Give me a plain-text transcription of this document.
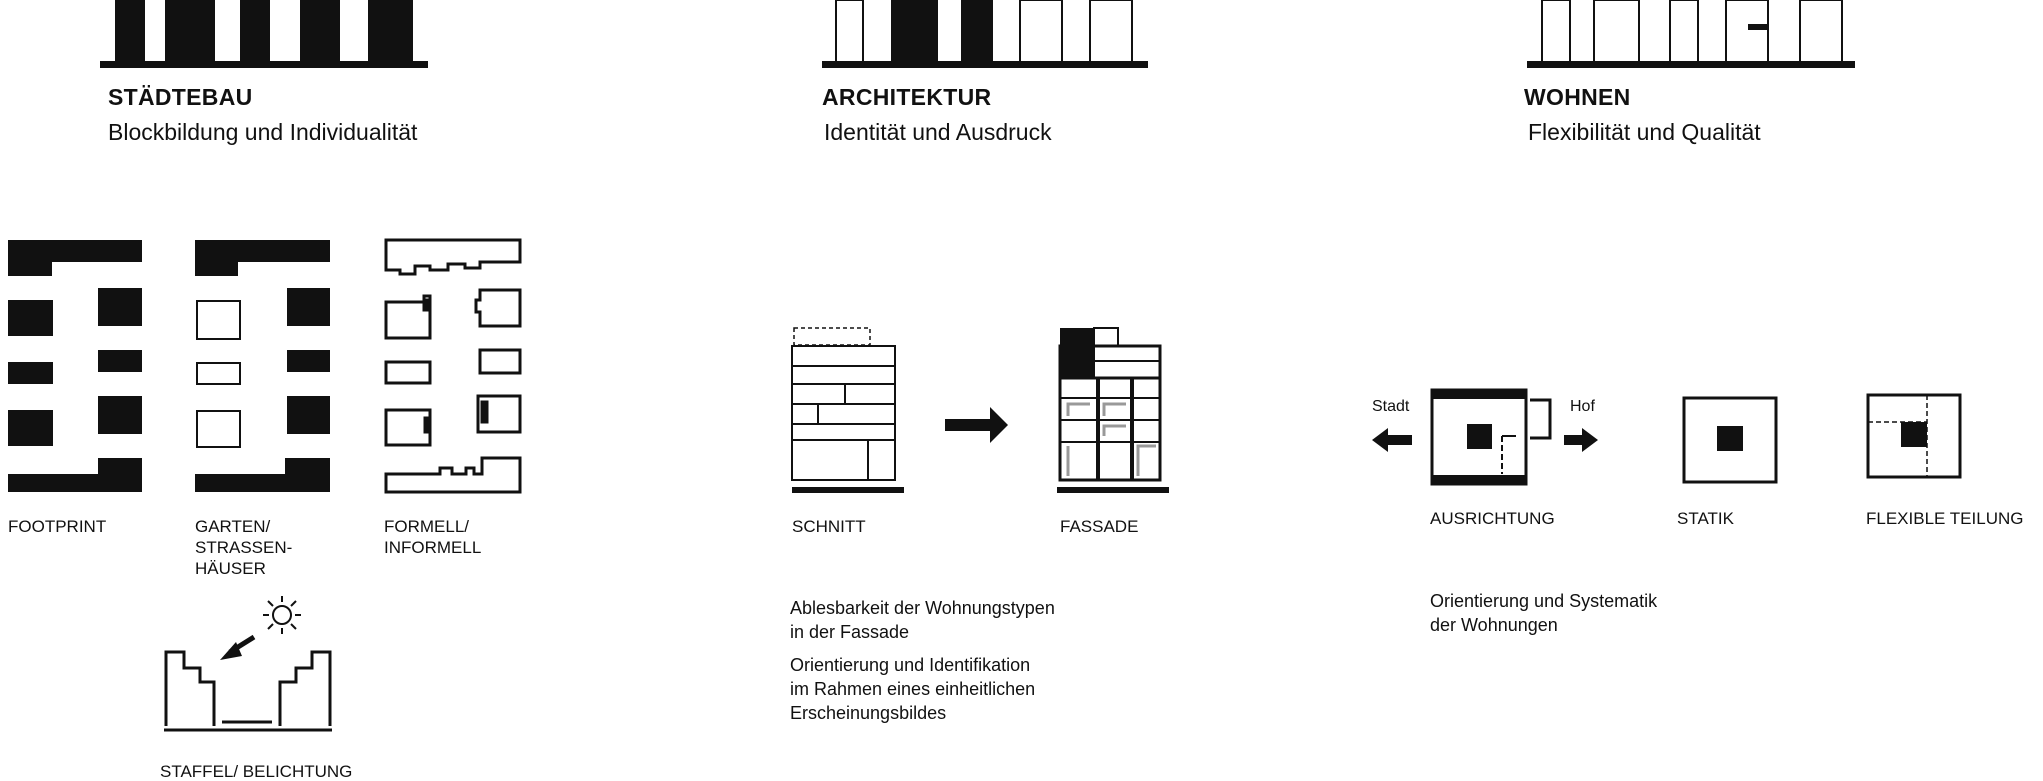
STÄDTEBAU
Blockbildung und Individualität
ARCHITEKTUR
Identität und Ausdruck
WOHNEN
Flexibilität und Qualität
FOOTPRINT	GARTEN/
STRASSEN-
HÄUSER
FORMELL/
INFORMELL
STAFFEL/ BELICHTUNG
SCHNITT	FASSADE
Ablesbarkeit der Wohnungstypen
in der Fassade
Orientierung und Identifikation
im Rahmen eines einheitlichen
Erscheinungsbildes
Stadt	Hof
AUSRICHTUNG	STATIK	FLEXIBLE TEILUNG
Orientierung und Systematik
der Wohnungen
